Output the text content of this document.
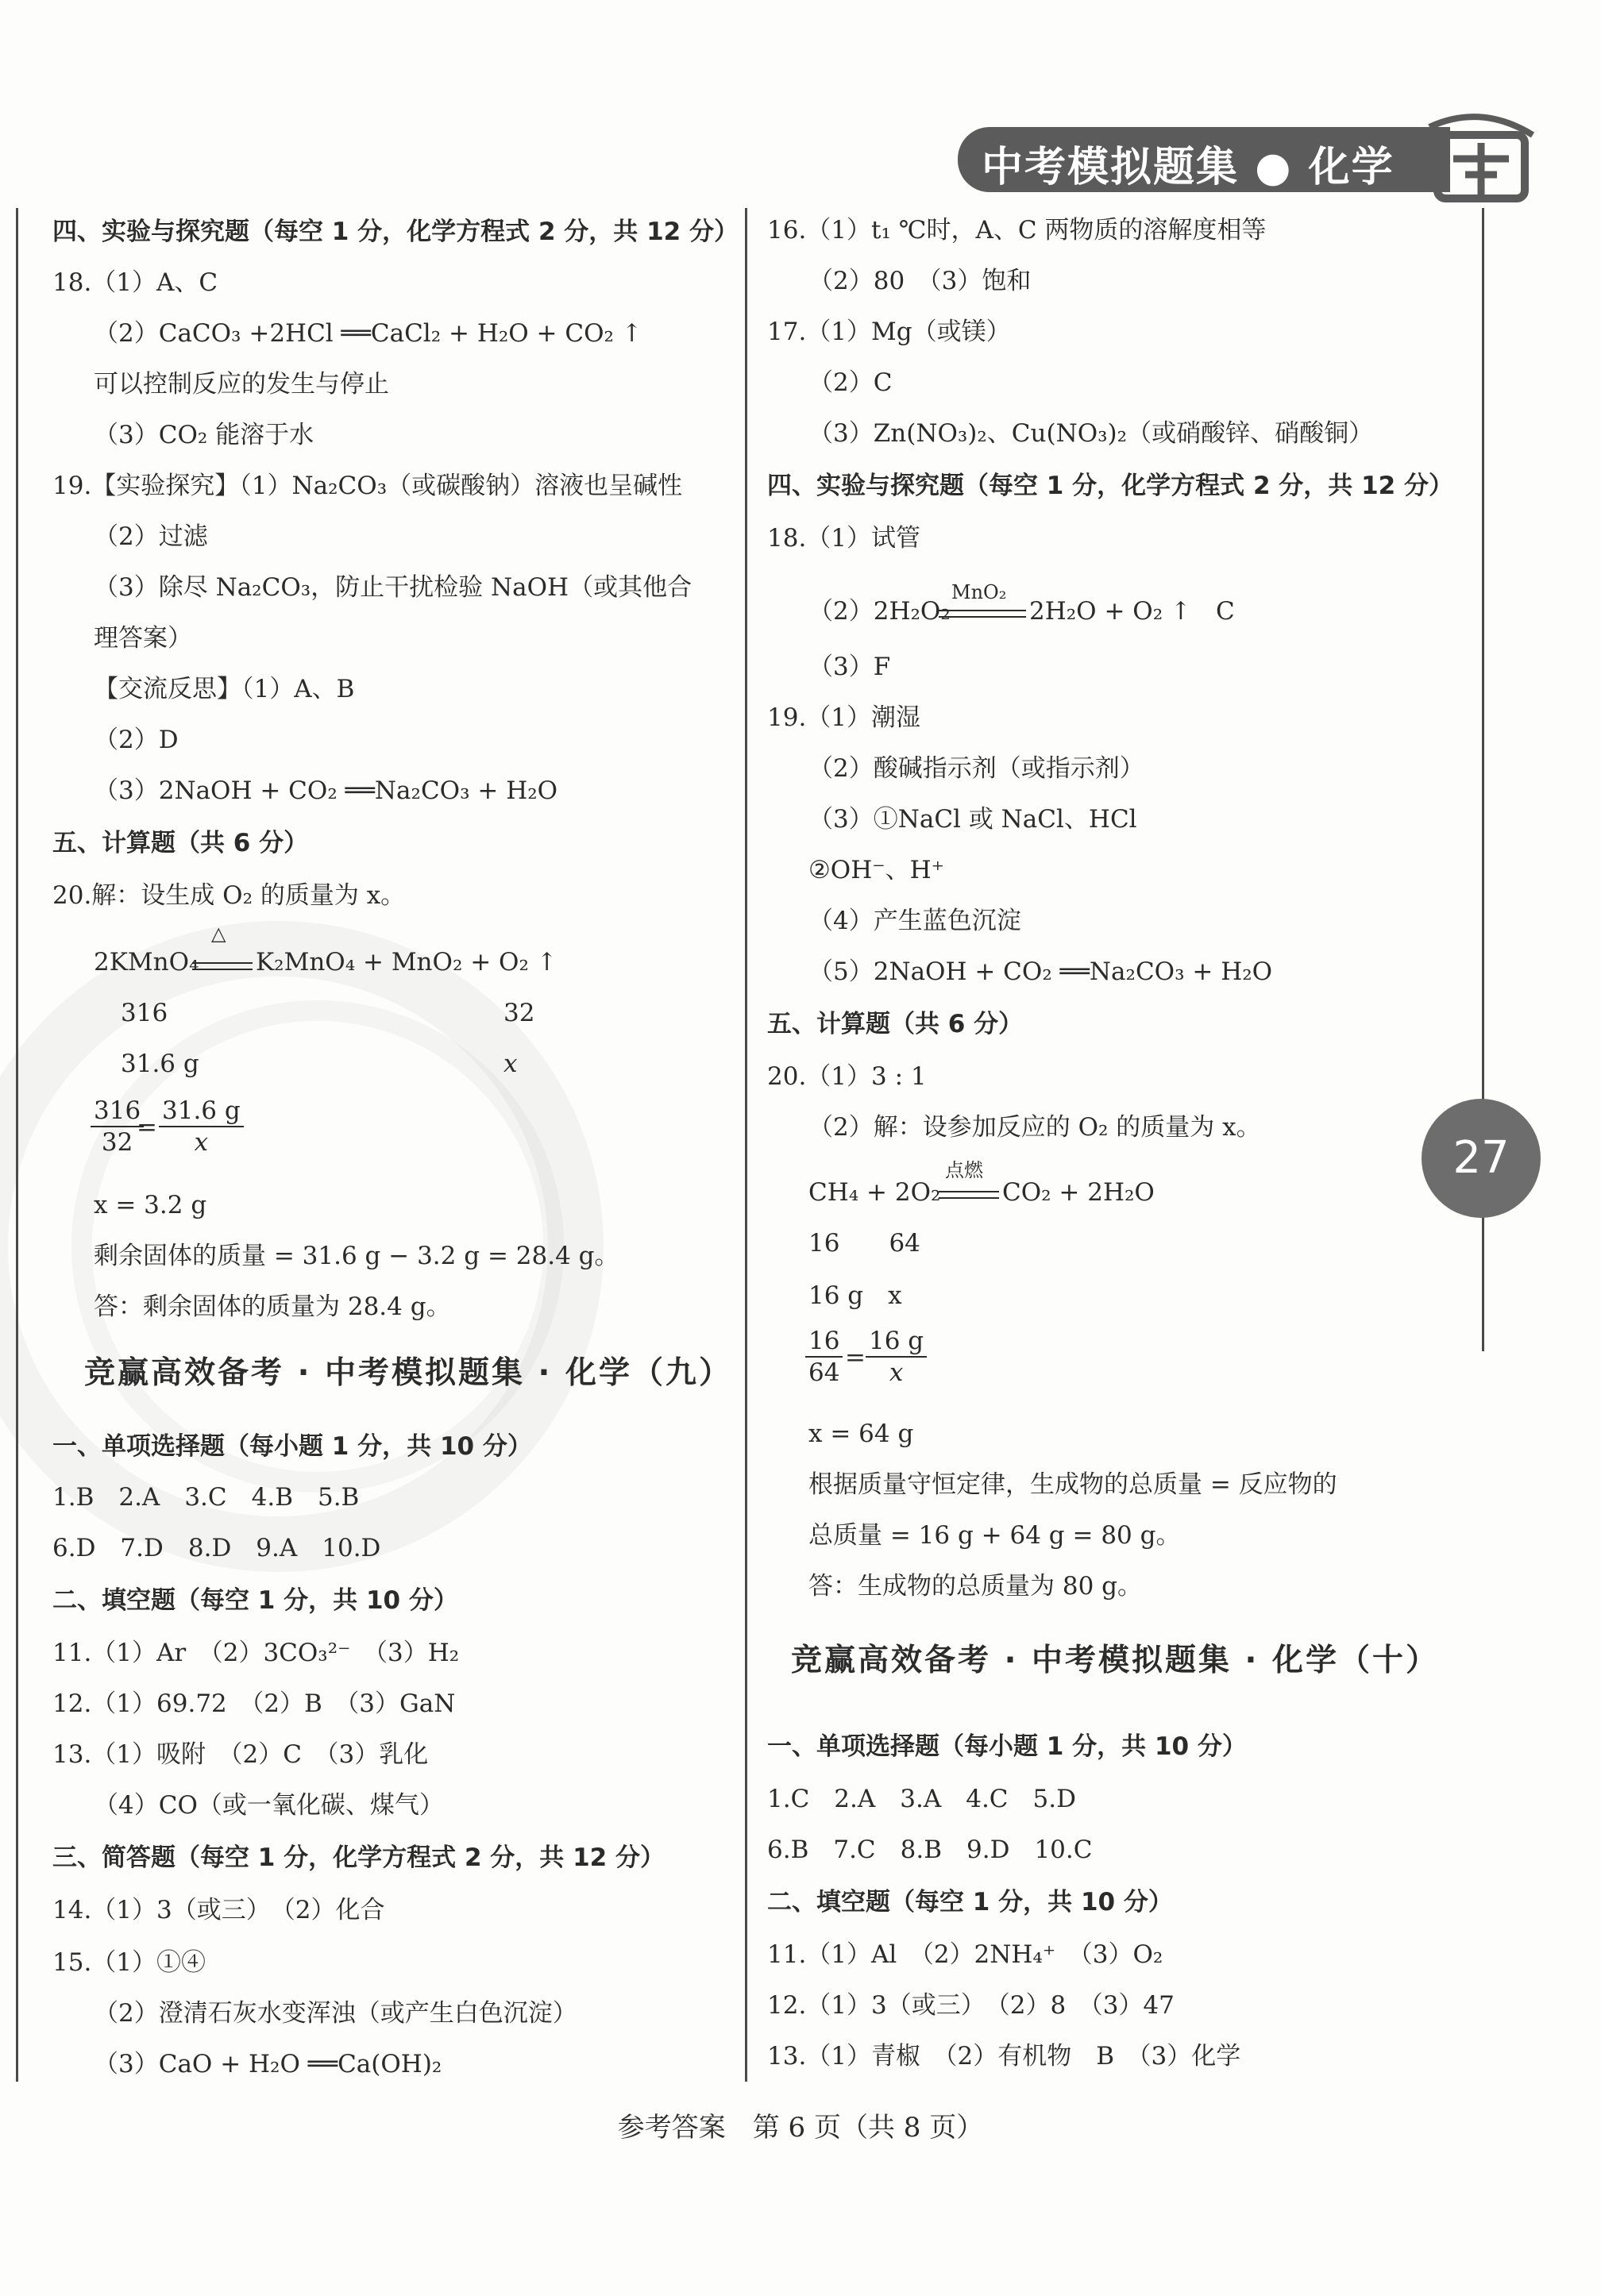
中考模拟题集 ● 化学
27
四、实验与探究题（每空 1 分，化学方程式 2 分，共 12 分）
18.（1）A、C
（2）CaCO₃ +2HCl ══CaCl₂ + H₂O + CO₂ ↑
可以控制反应的发生与停止
（3）CO₂ 能溶于水
19.【实验探究】（1）Na₂CO₃（或碳酸钠）溶液也呈碱性
（2）过滤
（3）除尽 Na₂CO₃，防止干扰检验 NaOH（或其他合
理答案）
【交流反思】（1）A、B
（2）D
（3）2NaOH + CO₂ ══Na₂CO₃ + H₂O
五、计算题（共 6 分）
20.解：设生成 O₂ 的质量为 x。
2KMnO₄
△
K₂MnO₄ + MnO₂ + O₂ ↑
316	32
31.6 g	x
$\frac{316}{32}$
= $\frac{31.6 g}{x}$
x = 3.2 g
剩余固体的质量 = 31.6 g − 3.2 g = 28.4 g。
答：剩余固体的质量为 28.4 g。
竞赢高效备考 · 中考模拟题集 · 化学（九）
一、单项选择题（每小题 1 分，共 10 分）
1.B　2.A　3.C　4.B　5.B
6.D　7.D　8.D　9.A　10.D
二、填空题（每空 1 分，共 10 分）
11.（1）Ar　（2）3CO₃²⁻　（3）H₂
12.（1）69.72　（2）B　（3）GaN
13.（1）吸附　（2）C　（3）乳化
（4）CO（或一氧化碳、煤气）
三、简答题（每空 1 分，化学方程式 2 分，共 12 分）
14.（1）3（或三）　（2）化合
15.（1）①④
（2）澄清石灰水变浑浊（或产生白色沉淀）
（3）CaO + H₂O ══Ca(OH)₂
16.（1）t₁ ℃时，A、C 两物质的溶解度相等
（2）80　（3）饱和
17.（1）Mg（或镁）
（2）C
（3）Zn(NO₃)₂、Cu(NO₃)₂（或硝酸锌、硝酸铜）
四、实验与探究题（每空 1 分，化学方程式 2 分，共 12 分）
18.（1）试管
（2）2H₂O₂
MnO₂
2H₂O + O₂ ↑　C
（3）F
19.（1）潮湿
（2）酸碱指示剂（或指示剂）
（3）①NaCl 或 NaCl、HCl
②OH⁻、H⁺
（4）产生蓝色沉淀
（5）2NaOH + CO₂ ══Na₂CO₃ + H₂O
五、计算题（共 6 分）
20.（1）3 : 1
（2）解：设参加反应的 O₂ 的质量为 x。
CH₄ + 2O₂
点燃
CO₂ + 2H₂O
16　　64
16 g　x
$\frac{16}{64} = \frac{16 g}{x}$
x = 64 g
根据质量守恒定律，生成物的总质量 = 反应物的
总质量 = 16 g + 64 g = 80 g。
答：生成物的总质量为 80 g。
竞赢高效备考 · 中考模拟题集 · 化学（十）
一、单项选择题（每小题 1 分，共 10 分）
1.C　2.A　3.A　4.C　5.D
6.B　7.C　8.B　9.D　10.C
二、填空题（每空 1 分，共 10 分）
11.（1）Al　（2）2NH₄⁺　（3）O₂
12.（1）3（或三）　（2）8　（3）47
13.（1）青椒　（2）有机物　B　（3）化学
参考答案　第 6 页（共 8 页）
